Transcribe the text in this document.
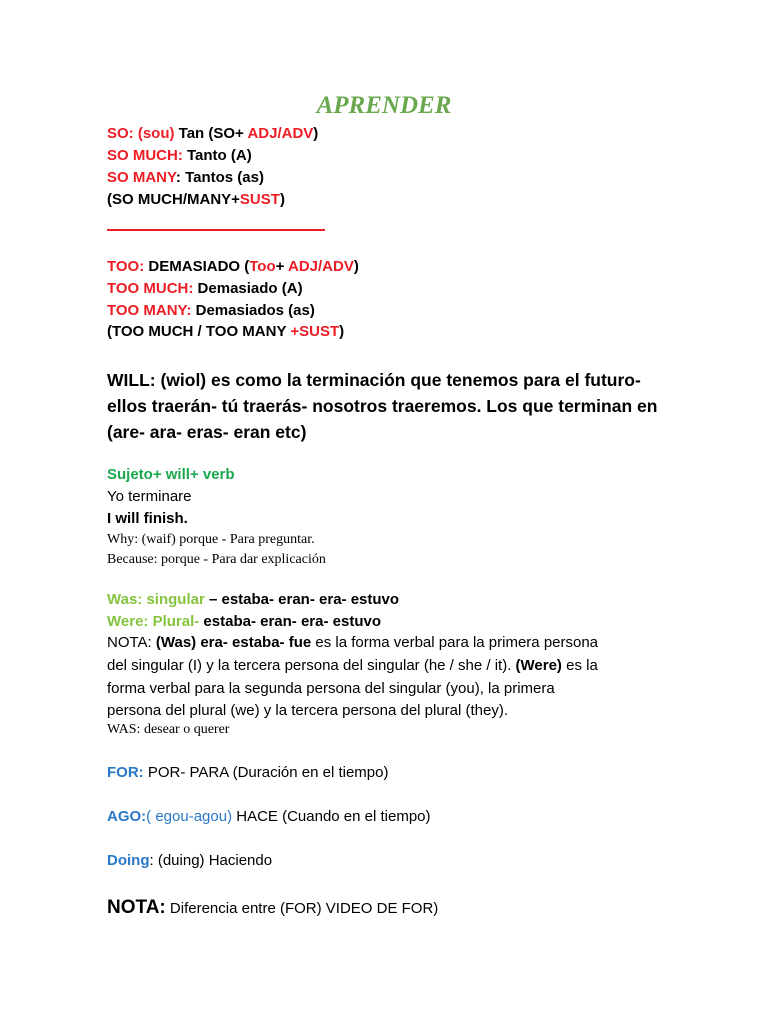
APRENDER
SO: (sou) Tan (SO+ ADJ/ADV)
SO MUCH: Tanto (A)
SO MANY: Tantos (as)
(SO MUCH/MANY+SUST)
TOO: DEMASIADO (Too+ ADJ/ADV)
TOO MUCH: Demasiado (A)
TOO MANY: Demasiados (as)
(TOO MUCH / TOO MANY +SUST)
WILL: (wiol) es como la terminación que tenemos para el futuro-
ellos traerán- tú traerás- nosotros traeremos. Los que terminan en
(are- ara- eras- eran etc)
Sujeto+ will+ verb
Yo terminare
I will finish.
Why: (waif) porque - Para preguntar.
Because: porque - Para dar explicación
Was: singular – estaba- eran- era- estuvo
Were: Plural- estaba- eran- era- estuvo
NOTA: (Was) era- estaba- fue es la forma verbal para la primera persona
del singular (I) y la tercera persona del singular (he / she / it). (Were) es la
forma verbal para la segunda persona del singular (you), la primera
persona del plural (we) y la tercera persona del plural (they).
WAS: desear o querer
FOR: POR- PARA (Duración en el tiempo)
AGO:( egou-agou) HACE (Cuando en el tiempo)
Doing: (duing) Haciendo
NOTA: Diferencia entre (FOR) VIDEO DE FOR)
